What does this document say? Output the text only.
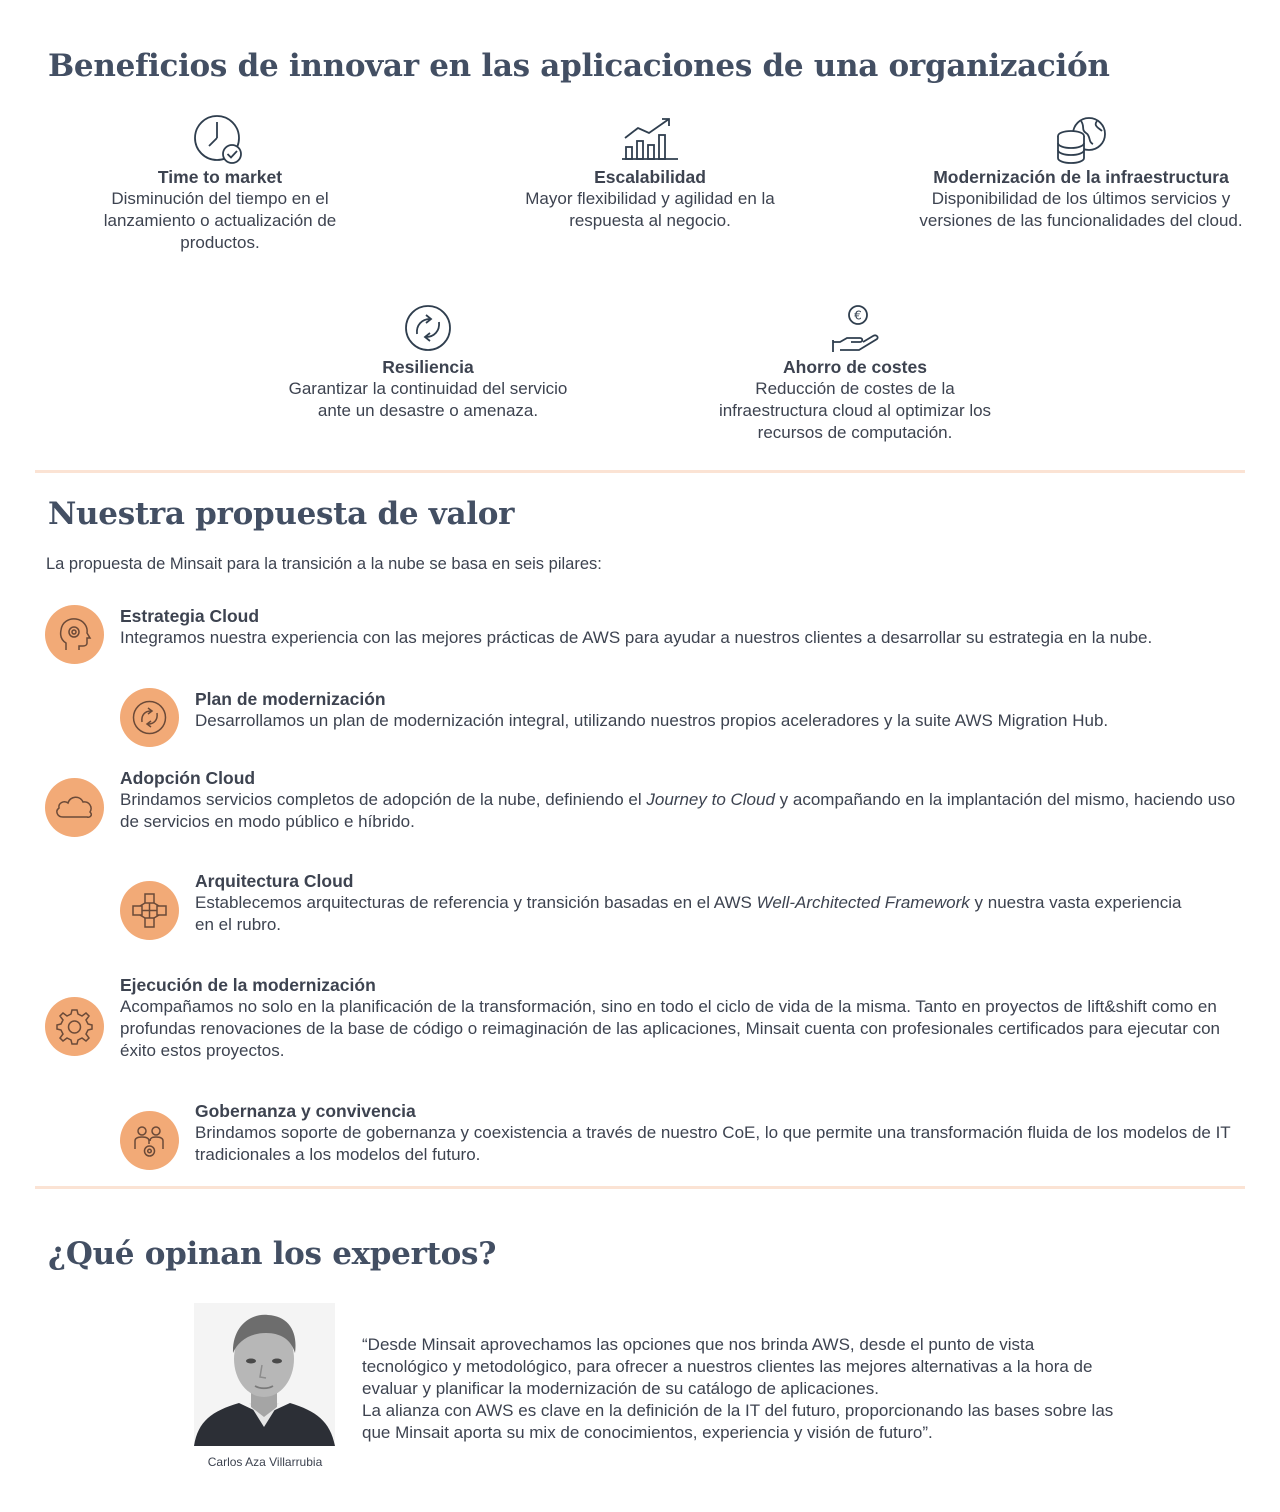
Beneficios de innovar en las aplicaciones de una organización
Time to market
Disminución del tiempo en el lanzamiento o actualización de productos.
Escalabilidad
Mayor flexibilidad y agilidad en la respuesta al negocio.
Modernización de la infraestructura
Disponibilidad de los últimos servicios y versiones de las funcionalidades del cloud.
Resiliencia
Garantizar la continuidad del servicio ante un desastre o amenaza.
€
Ahorro de costes
Reducción de costes de la infraestructura cloud al optimizar los recursos de computación.
Nuestra propuesta de valor
La propuesta de Minsait para la transición a la nube se basa en seis pilares:
Estrategia Cloud
Integramos nuestra experiencia con las mejores prácticas de AWS para ayudar a nuestros clientes a desarrollar su estrategia en la nube.
Plan de modernización
Desarrollamos un plan de modernización integral, utilizando nuestros propios aceleradores y la suite AWS Migration Hub.
Adopción Cloud
Brindamos servicios completos de adopción de la nube, definiendo el Journey to Cloud y acompañando en la implantación del mismo, haciendo uso de servicios en modo público e híbrido.
Arquitectura Cloud
Establecemos arquitecturas de referencia y transición basadas en el AWS Well-Architected Framework y nuestra vasta experiencia en el rubro.
Ejecución de la modernización
Acompañamos no solo en la planificación de la transformación, sino en todo el ciclo de vida de la misma. Tanto en proyectos de lift&shift como en profundas renovaciones de la base de código o reimaginación de las aplicaciones, Minsait cuenta con profesionales certificados para ejecutar con éxito estos proyectos.
Gobernanza y convivencia
Brindamos soporte de gobernanza y coexistencia a través de nuestro CoE, lo que permite una transformación fluida de los modelos de IT tradicionales a los modelos del futuro.
¿Qué opinan los expertos?
Carlos Aza Villarrubia

“Desde Minsait aprovechamos las opciones que nos brinda AWS, desde el punto de vista tecnológico y metodológico, para ofrecer a nuestros clientes las mejores alternativas a la hora de evaluar y planificar la modernización de su catálogo de aplicaciones.

La alianza con AWS es clave en la definición de la IT del futuro, proporcionando las bases sobre las que Minsait aporta su mix de conocimientos, experiencia y visión de futuro”.
